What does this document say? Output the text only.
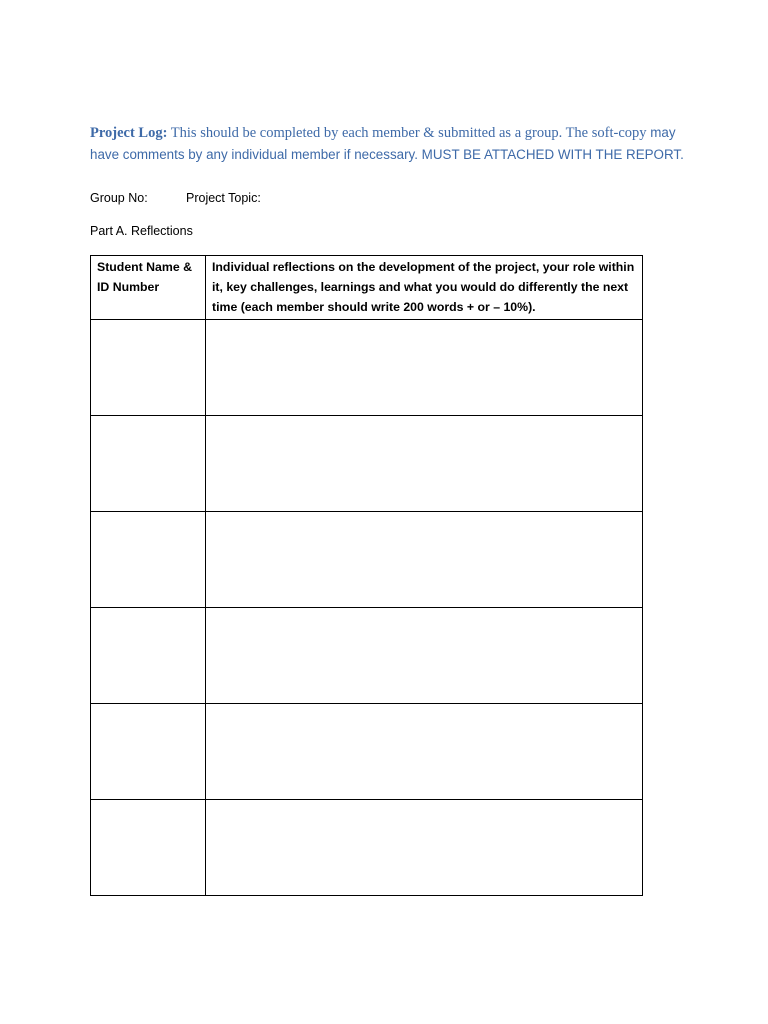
Project Log: This should be completed by each member & submitted as a group. The soft-copy may have comments by any individual member if necessary. MUST BE ATTACHED WITH THE REPORT.
Group No:	Project Topic:
Part A. Reflections
Student Name & ID Number	Individual reflections on the development of the project, your role within it, key challenges, learnings and what you would do differently the next time (each member should write 200 words + or – 10%).
